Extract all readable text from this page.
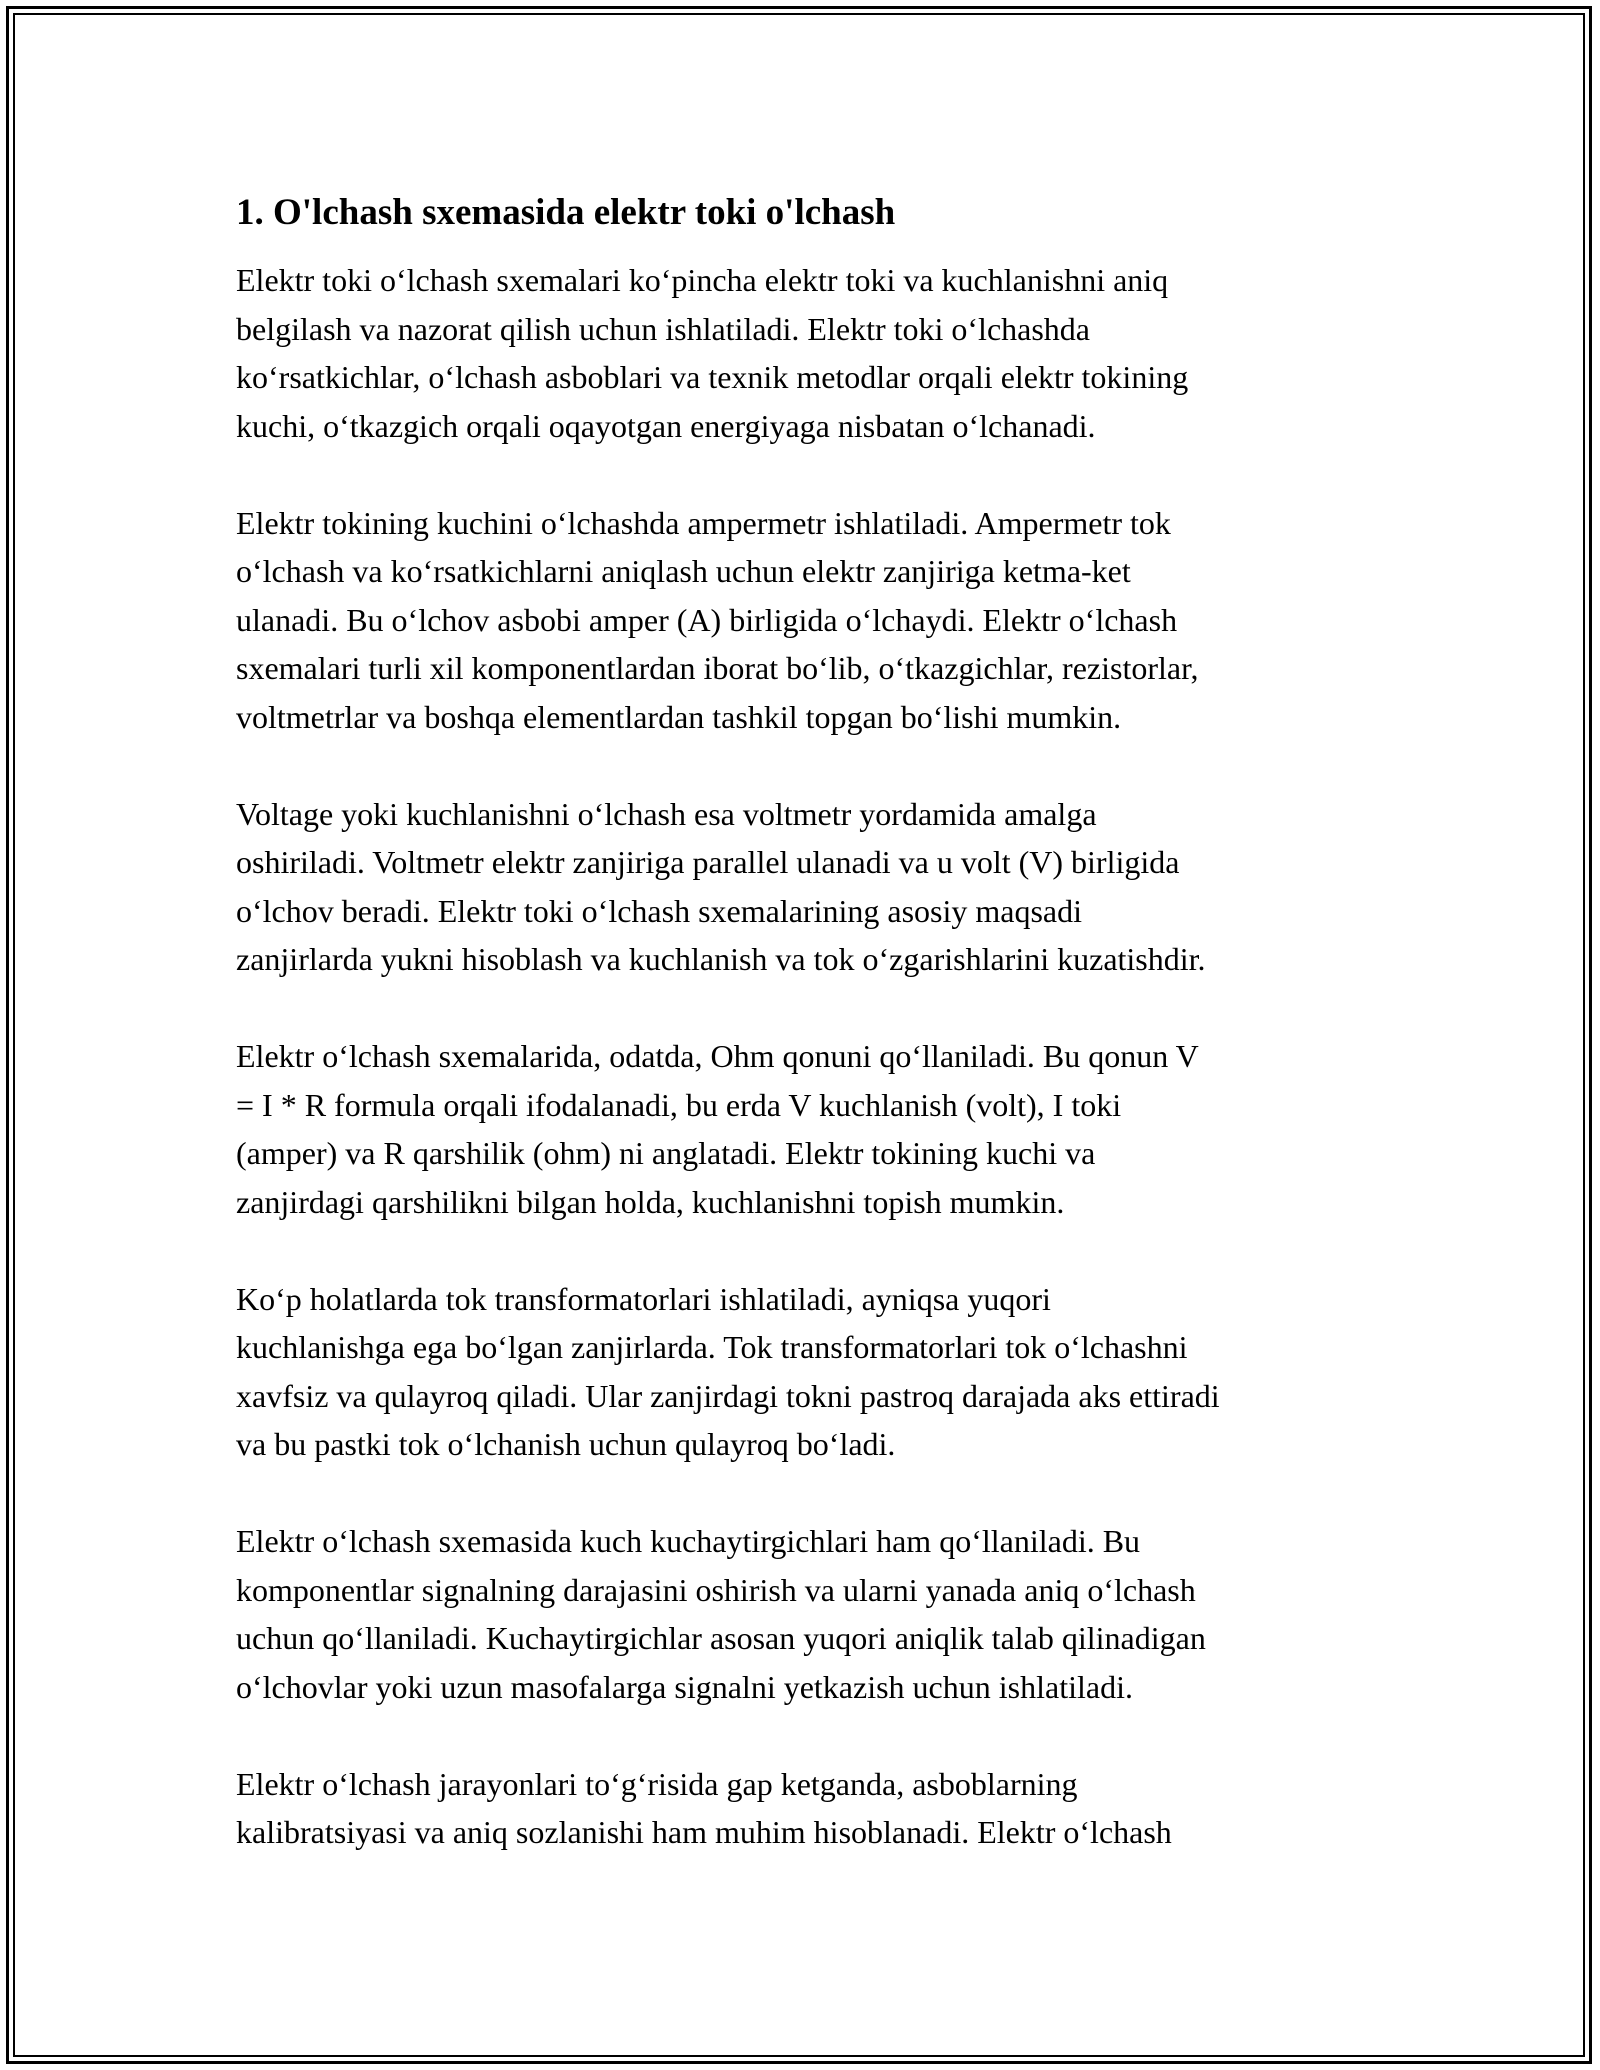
1. O'lchash sxemasida elektr toki o'lchash
Elektr toki o‘lchash sxemalari ko‘pincha elektr toki va kuchlanishni aniq
belgilash va nazorat qilish uchun ishlatiladi. Elektr toki o‘lchashda
ko‘rsatkichlar, o‘lchash asboblari va texnik metodlar orqali elektr tokining
kuchi, o‘tkazgich orqali oqayotgan energiyaga nisbatan o‘lchanadi.
Elektr tokining kuchini o‘lchashda ampermetr ishlatiladi. Ampermetr tok
o‘lchash va ko‘rsatkichlarni aniqlash uchun elektr zanjiriga ketma-ket
ulanadi. Bu o‘lchov asbobi amper (A) birligida o‘lchaydi. Elektr o‘lchash
sxemalari turli xil komponentlardan iborat bo‘lib, o‘tkazgichlar, rezistorlar,
voltmetrlar va boshqa elementlardan tashkil topgan bo‘lishi mumkin.
Voltage yoki kuchlanishni o‘lchash esa voltmetr yordamida amalga
oshiriladi. Voltmetr elektr zanjiriga parallel ulanadi va u volt (V) birligida
o‘lchov beradi. Elektr toki o‘lchash sxemalarining asosiy maqsadi
zanjirlarda yukni hisoblash va kuchlanish va tok o‘zgarishlarini kuzatishdir.
Elektr o‘lchash sxemalarida, odatda, Ohm qonuni qo‘llaniladi. Bu qonun V
= I * R formula orqali ifodalanadi, bu erda V kuchlanish (volt), I toki
(amper) va R qarshilik (ohm) ni anglatadi. Elektr tokining kuchi va
zanjirdagi qarshilikni bilgan holda, kuchlanishni topish mumkin.
Ko‘p holatlarda tok transformatorlari ishlatiladi, ayniqsa yuqori
kuchlanishga ega bo‘lgan zanjirlarda. Tok transformatorlari tok o‘lchashni
xavfsiz va qulayroq qiladi. Ular zanjirdagi tokni pastroq darajada aks ettiradi
va bu pastki tok o‘lchanish uchun qulayroq bo‘ladi.
Elektr o‘lchash sxemasida kuch kuchaytirgichlari ham qo‘llaniladi. Bu
komponentlar signalning darajasini oshirish va ularni yanada aniq o‘lchash
uchun qo‘llaniladi. Kuchaytirgichlar asosan yuqori aniqlik talab qilinadigan
o‘lchovlar yoki uzun masofalarga signalni yetkazish uchun ishlatiladi.
Elektr o‘lchash jarayonlari to‘g‘risida gap ketganda, asboblarning
kalibratsiyasi va aniq sozlanishi ham muhim hisoblanadi. Elektr o‘lchash
